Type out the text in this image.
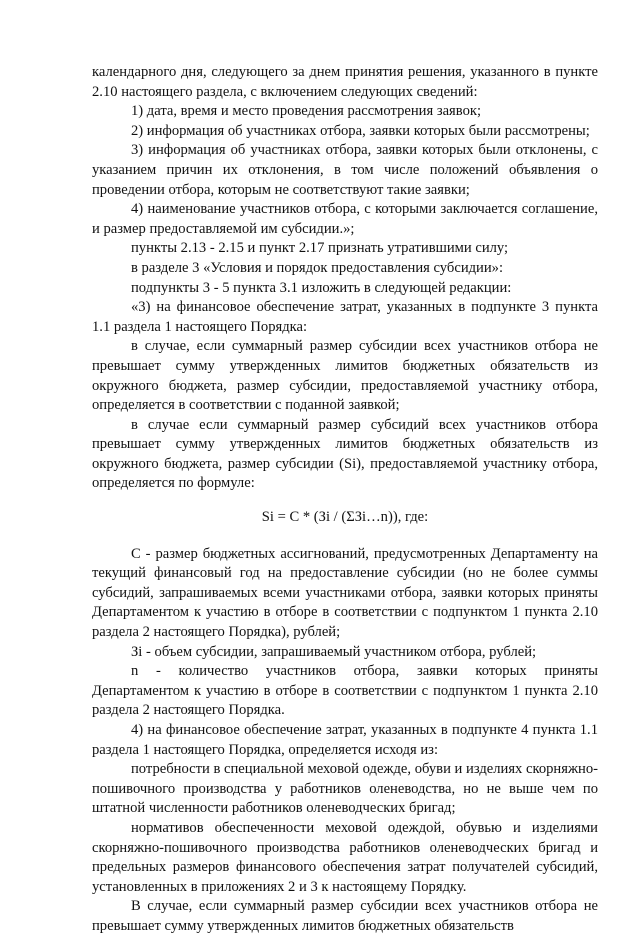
календарного дня, следующего за днем принятия решения, указанного в пункте 2.10 настоящего раздела, с включением следующих сведений:

1) дата, время и место проведения рассмотрения заявок;

2) информация об участниках отбора, заявки которых были рассмотрены;

3) информация об участниках отбора, заявки которых были отклонены, с указанием причин их отклонения, в том числе положений объявления о проведении отбора, которым не соответствуют такие заявки;

4) наименование участников отбора, с которыми заключается соглашение, и размер предоставляемой им субсидии.»;

пункты 2.13 - 2.15 и пункт 2.17 признать утратившими силу;

в разделе 3 «Условия и порядок предоставления субсидии»:

подпункты 3 - 5 пункта 3.1 изложить в следующей редакции:

«3) на финансовое обеспечение затрат, указанных в подпункте 3 пункта 1.1 раздела 1 настоящего Порядка:

в случае, если суммарный размер субсидии всех участников отбора не превышает сумму утвержденных лимитов бюджетных обязательств из окружного бюджета, размер субсидии, предоставляемой участнику отбора, определяется в соответствии с поданной заявкой;

в случае если суммарный размер субсидий всех участников отбора превышает сумму утвержденных лимитов бюджетных обязательств из окружного бюджета, размер субсидии (Si), предоставляемой участнику отбора, определяется по формуле:

Si = C * (Зi / (ΣЗi…n)), где:

С - размер бюджетных ассигнований, предусмотренных Департаменту на текущий финансовый год на предоставление субсидии (но не более суммы субсидий, запрашиваемых всеми участниками отбора, заявки которых приняты Департаментом к участию в отборе в соответствии с подпунктом 1 пункта 2.10 раздела 2 настоящего Порядка), рублей;

Зi - объем субсидии, запрашиваемый участником отбора, рублей;

n - количество участников отбора, заявки которых приняты Департаментом к участию в отборе в соответствии с подпунктом 1 пункта 2.10 раздела 2 настоящего Порядка.

4) на финансовое обеспечение затрат, указанных в подпункте 4 пункта 1.1 раздела 1 настоящего Порядка, определяется исходя из:

потребности в специальной меховой одежде, обуви и изделиях скорняжно-пошивочного производства у работников оленеводства, но не выше чем по штатной численности работников оленеводческих бригад;

нормативов обеспеченности меховой одеждой, обувью и изделиями скорняжно-пошивочного производства работников оленеводческих бригад и предельных размеров финансового обеспечения затрат получателей субсидий, установленных в приложениях 2 и 3 к настоящему Порядку.

В случае, если суммарный размер субсидии всех участников отбора не превышает сумму утвержденных лимитов бюджетных обязательств
